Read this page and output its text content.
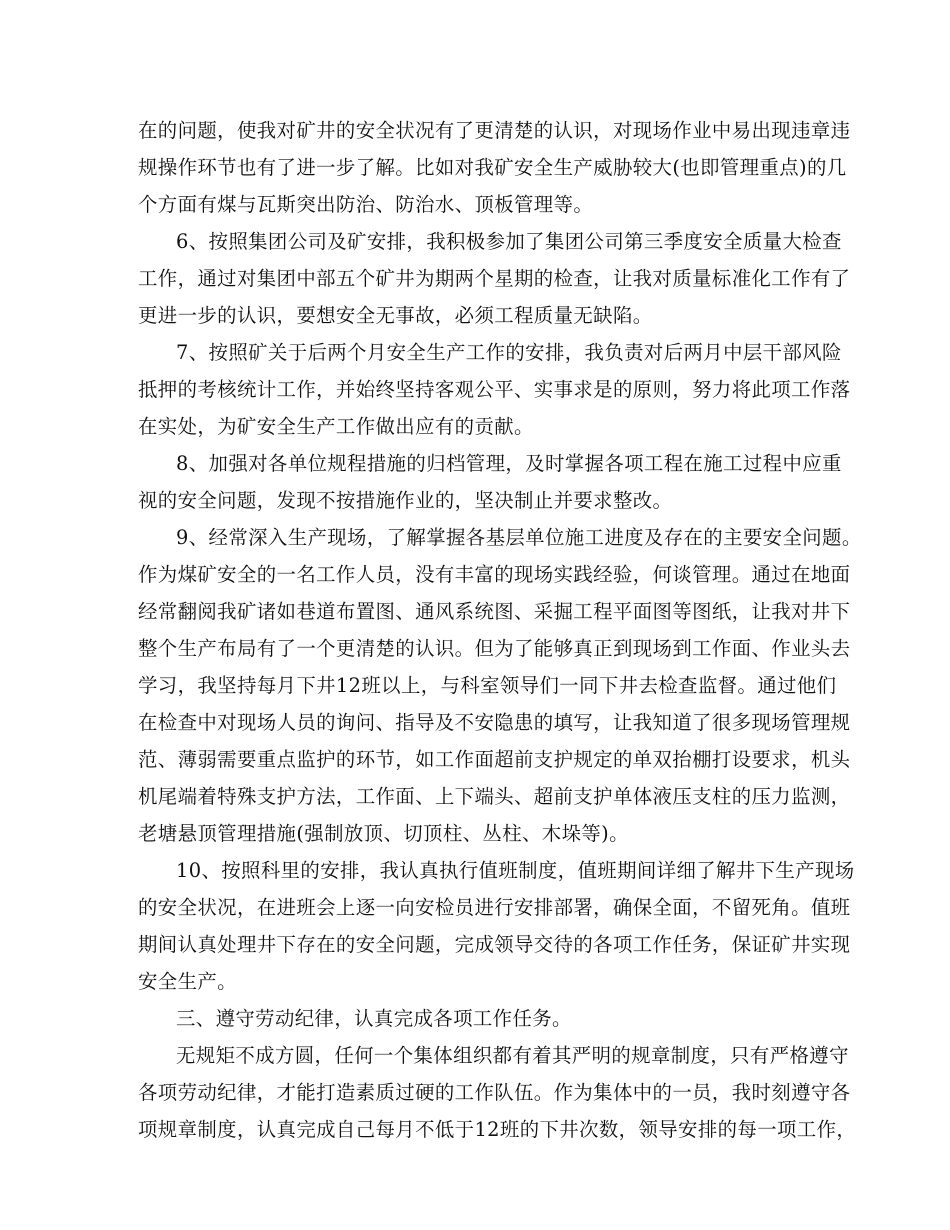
在的问题，使我对矿井的安全状况有了更清楚的认识，对现场作业中易出现违章违
规操作环节也有了进一步了解。比如对我矿安全生产威胁较大(也即管理重点)的几
个方面有煤与瓦斯突出防治、防治水、顶板管理等。

6、按照集团公司及矿安排，我积极参加了集团公司第三季度安全质量大检查
工作，通过对集团中部五个矿井为期两个星期的检查，让我对质量标准化工作有了
更进一步的认识，要想安全无事故，必须工程质量无缺陷。

7、按照矿关于后两个月安全生产工作的安排，我负责对后两月中层干部风险
抵押的考核统计工作，并始终坚持客观公平、实事求是的原则，努力将此项工作落
在实处，为矿安全生产工作做出应有的贡献。

8、加强对各单位规程措施的归档管理，及时掌握各项工程在施工过程中应重
视的安全问题，发现不按措施作业的，坚决制止并要求整改。

9、经常深入生产现场，了解掌握各基层单位施工进度及存在的主要安全问题。
作为煤矿安全的一名工作人员，没有丰富的现场实践经验，何谈管理。通过在地面
经常翻阅我矿诸如巷道布置图、通风系统图、采掘工程平面图等图纸，让我对井下
整个生产布局有了一个更清楚的认识。但为了能够真正到现场到工作面、作业头去
学习，我坚持每月下井12班以上，与科室领导们一同下井去检查监督。通过他们
在检查中对现场人员的询问、指导及不安隐患的填写，让我知道了很多现场管理规
范、薄弱需要重点监护的环节，如工作面超前支护规定的单双抬棚打设要求，机头
机尾端着特殊支护方法，工作面、上下端头、超前支护单体液压支柱的压力监测，
老塘悬顶管理措施(强制放顶、切顶柱、丛柱、木垛等)。

10、按照科里的安排，我认真执行值班制度，值班期间详细了解井下生产现场
的安全状况，在进班会上逐一向安检员进行安排部署，确保全面，不留死角。值班
期间认真处理井下存在的安全问题，完成领导交待的各项工作任务，保证矿井实现
安全生产。

三、遵守劳动纪律，认真完成各项工作任务。

无规矩不成方圆，任何一个集体组织都有着其严明的规章制度，只有严格遵守
各项劳动纪律，才能打造素质过硬的工作队伍。作为集体中的一员，我时刻遵守各
项规章制度，认真完成自己每月不低于12班的下井次数，领导安排的每一项工作，
